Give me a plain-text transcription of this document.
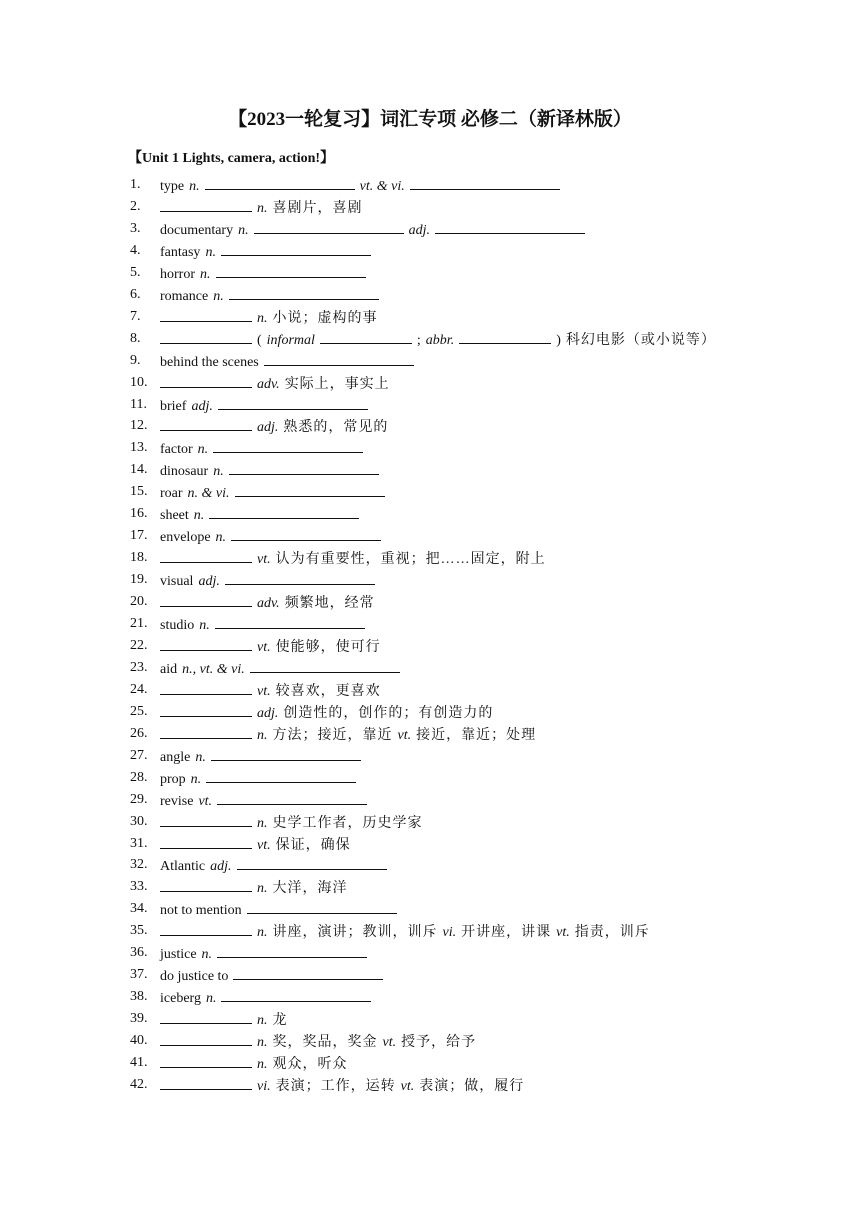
【2023一轮复习】词汇专项 必修二（新译林版）
【Unit 1 Lights, camera, action!】
1.	type n.	vt. & vi.
2.	n. 喜剧片，喜剧
3.	documentary n.	adj.
4.	fantasy n.
5.	horror n.
6.	romance n.
7.	n. 小说；虚构的事
8.	( informal	; abbr.	) 科幻电影（或小说等）
9.	behind the scenes
10.	adv. 实际上，事实上
11. brief adj.
12.	adj. 熟悉的，常见的
13. factor n.
14. dinosaur n.
15. roar n. & vi.
16. sheet n.
17. envelope n.
18.	vt. 认为有重要性，重视；把……固定，附上
19. visual adj.
20.	adv. 频繁地，经常
21. studio n.
22.	vt. 使能够，使可行
23. aid n., vt. & vi.
24.	vt. 较喜欢，更喜欢
25.	adj. 创造性的，创作的；有创造力的
26.	n. 方法；接近，靠近 vt. 接近，靠近；处理
27. angle n.
28. prop n.
29. revise vt.
30.	n. 史学工作者，历史学家
31.	vt. 保证，确保
32. Atlantic adj.
33.	n. 大洋，海洋
34. not to mention
35.	n. 讲座，演讲；教训，训斥 vi. 开讲座，讲课 vt. 指责，训斥
36. justice n.
37. do justice to
38. iceberg n.
39.	n. 龙
40.	n. 奖，奖品，奖金 vt. 授予，给予
41.	n. 观众，听众
42.	vi. 表演；工作，运转 vt. 表演；做，履行
